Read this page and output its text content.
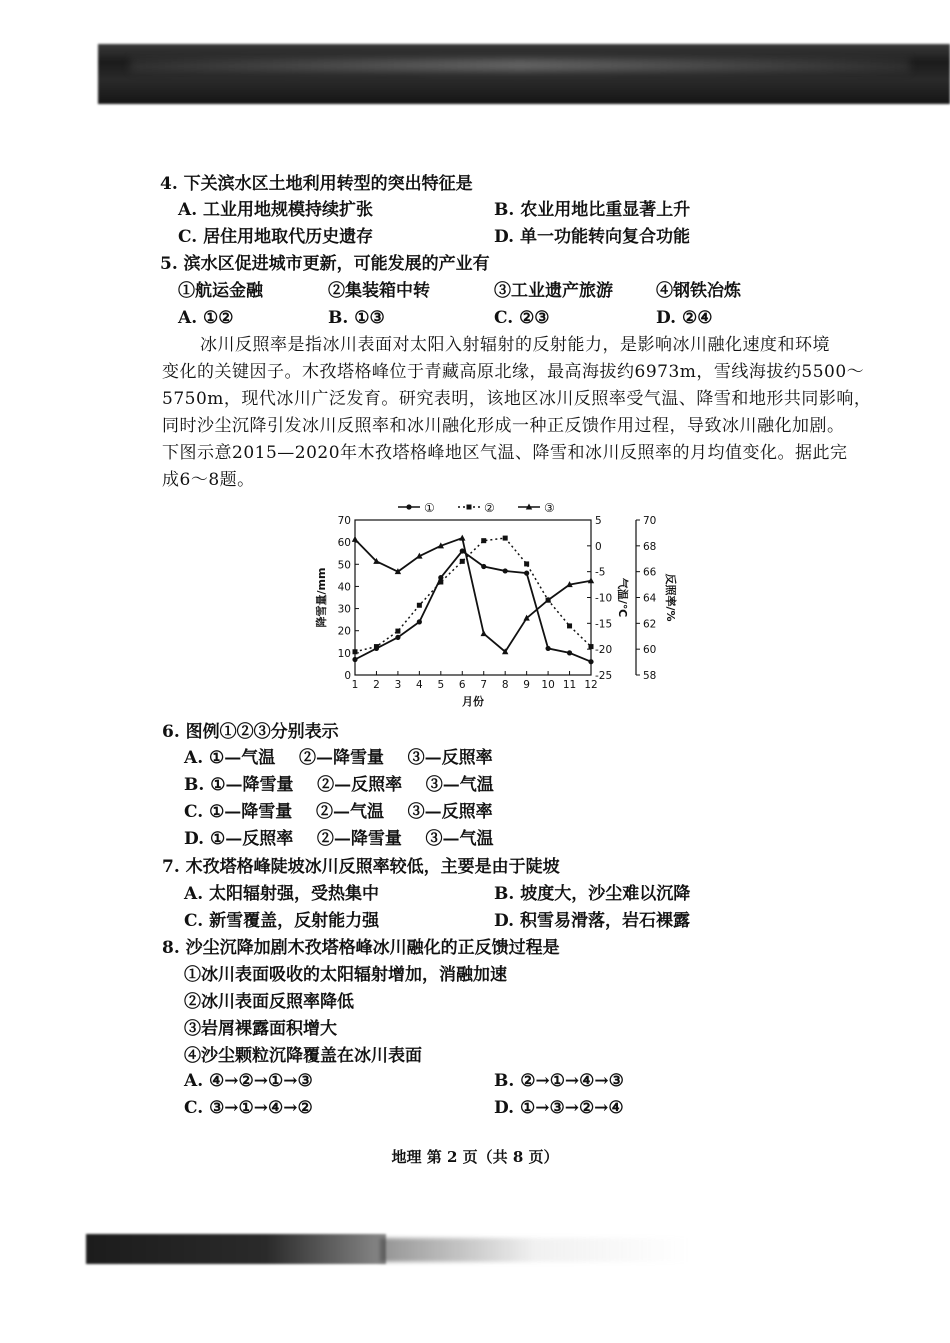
4. 下关滨水区土地利用转型的突出特征是
A. 工业用地规模持续扩张	B. 农业用地比重显著上升
C. 居住用地取代历史遗存	D. 单一功能转向复合功能
5. 滨水区促进城市更新，可能发展的产业有
①航运金融	②集装箱中转	③工业遗产旅游	④钢铁冶炼
A. ①②	B. ①③	C. ②③	D. ②④
冰川反照率是指冰川表面对太阳入射辐射的反射能力，是影响冰川融化速度和环境
变化的关键因子。木孜塔格峰位于青藏高原北缘，最高海拔约6973m，雪线海拔约5500～
5750m，现代冰川广泛发育。研究表明，该地区冰川反照率受气温、降雪和地形共同影响，
同时沙尘沉降引发冰川反照率和冰川融化形成一种正反馈作用过程，导致冰川融化加剧。
下图示意2015—2020年木孜塔格峰地区气温、降雪和冰川反照率的月均值变化。据此完
成6～8题。
0
10
20
30
40
50
60
70
-25
-20
-15
-10
-5
0
5
58
60
62
64
66
68
70
1 2 3 4 5 6 7 8 9 10 11 12
月份
降雪量/mm	气温/℃	反照率/%
①	②	③
6. 图例①②③分别表示
A. ①—气温    ②—降雪量    ③—反照率
B. ①—降雪量    ②—反照率    ③—气温
C. ①—降雪量    ②—气温    ③—反照率
D. ①—反照率    ②—降雪量    ③—气温
7. 木孜塔格峰陡坡冰川反照率较低，主要是由于陡坡
A. 太阳辐射强，受热集中	B. 坡度大，沙尘难以沉降
C. 新雪覆盖，反射能力强	D. 积雪易滑落，岩石裸露
8. 沙尘沉降加剧木孜塔格峰冰川融化的正反馈过程是
①冰川表面吸收的太阳辐射增加，消融加速
②冰川表面反照率降低
③岩屑裸露面积增大
④沙尘颗粒沉降覆盖在冰川表面
A. ④→②→①→③	B. ②→①→④→③
C. ③→①→④→②	D. ①→③→②→④
地理 第 2 页（共 8 页）
